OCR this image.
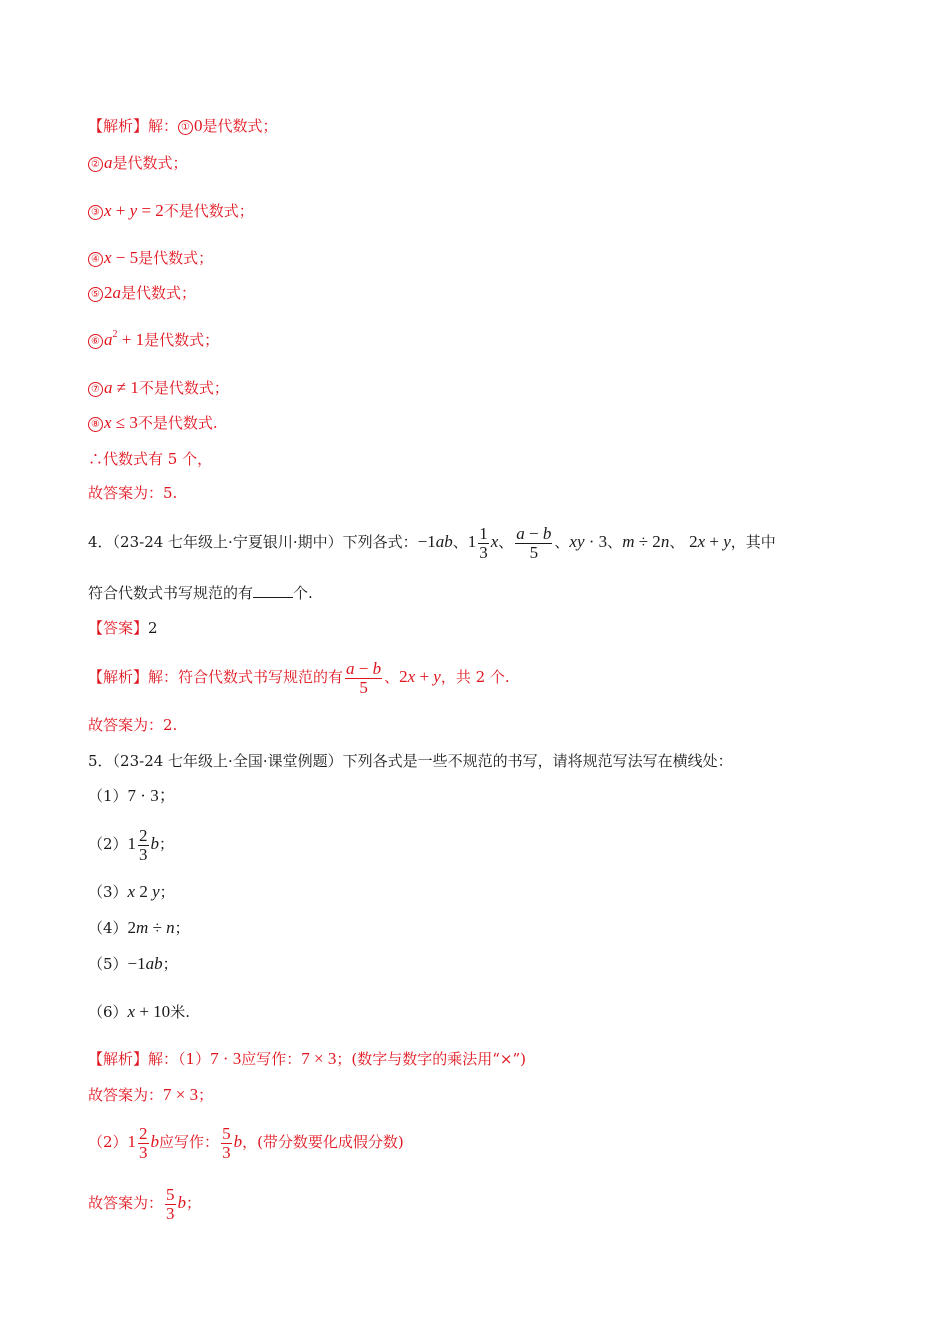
【解析】解： ① 0是代数式；
② a是代数式；
③ x + y = 2不是代数式；
④ x − 5是代数式；
⑤ 2a是代数式；
⑥ $a^2 + 1$是代数式；
⑦ a ≠ 1不是代数式；
⑧ x ≤ 3不是代数式.
∴代数式有 5 个，
故答案为：5.
4．（23-24 七年级上·宁夏银川·期中）下列各式：−1ab、$1 \frac{1}{3}$ x、 $\frac{a - b}{5}$ 、xy · 3、m ÷ 2n、 2x + y，其中
符合代数式书写规范的有	个.
【答案】2
【解析】解：符合代数式书写规范的有 $\frac{a - b}{5}$ 、2x + y，共 2 个.
故答案为：2.
5．（23-24 七年级上·全国·课堂例题）下列各式是一些不规范的书写，请将规范写法写在横线处：
（1）7 · 3；
$(2)1 \frac{2}{3}$ b；
（3）x 2 y；
（4）2m ÷ n；
（5）−1ab；
（6）x + 10米.
【解析】解：（1）7 · 3应写作：7 × 3；(数字与数字的乘法用“×”)
故答案为：7 × 3；
$(2)1 \frac{2}{3}$ b应写作： $\frac{5}{3}$ b，(带分数要化成假分数)
故答案为： $\frac{5}{3}$ b；
